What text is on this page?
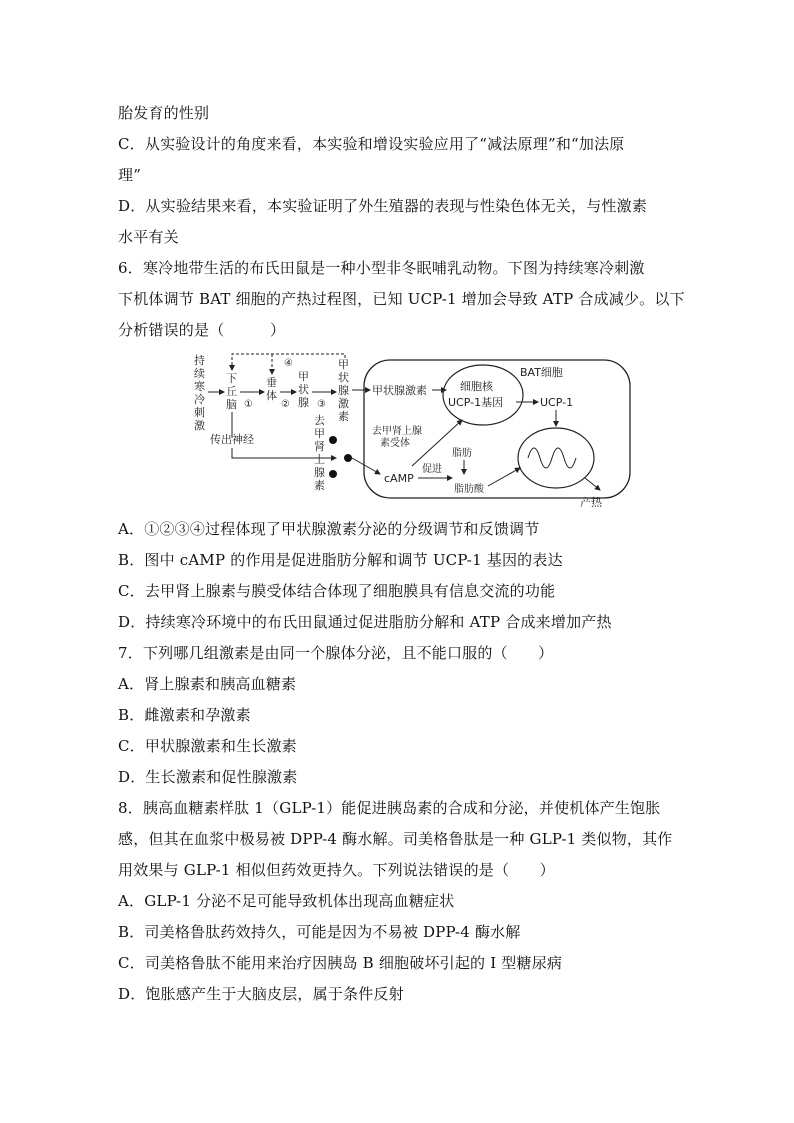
胎发育的性别
C．从实验设计的角度来看，本实验和增设实验应用了“减法原理”和“加法原
理”
D．从实验结果来看，本实验证明了外生殖器的表现与性染色体无关，与性激素
水平有关
6．寒冷地带生活的布氏田鼠是一种小型非冬眠哺乳动物。下图为持续寒冷刺激
下机体调节 BAT 细胞的产热过程图，已知 UCP-1 增加会导致 ATP 合成减少。以下
分析错误的是（　　　）
持
续
寒
冷
刺
激
下
丘
脑 ①
垂
体
②
甲
状
腺 ③
甲
状
腺
激
素
④
传出神经
去
甲
肾
上
腺
素
BAT细胞
甲状腺激素	细胞核
UCP-1基因	UCP-1
产热
去甲肾上腺
素受体
cAMP
促进
脂肪
脂肪酸
A．①②③④过程体现了甲状腺激素分泌的分级调节和反馈调节
B．图中 cAMP 的作用是促进脂肪分解和调节 UCP-1 基因的表达
C．去甲肾上腺素与膜受体结合体现了细胞膜具有信息交流的功能
D．持续寒冷环境中的布氏田鼠通过促进脂肪分解和 ATP 合成来增加产热
7．下列哪几组激素是由同一个腺体分泌，且不能口服的（　　）
A．肾上腺素和胰高血糖素
B．雌激素和孕激素
C．甲状腺激素和生长激素
D．生长激素和促性腺激素
8．胰高血糖素样肽 1（GLP-1）能促进胰岛素的合成和分泌，并使机体产生饱胀
感，但其在血浆中极易被 DPP-4 酶水解。司美格鲁肽是一种 GLP-1 类似物，其作
用效果与 GLP-1 相似但药效更持久。下列说法错误的是（　　）
A．GLP-1 分泌不足可能导致机体出现高血糖症状
B．司美格鲁肽药效持久，可能是因为不易被 DPP-4 酶水解
C．司美格鲁肽不能用来治疗因胰岛 B 细胞破坏引起的 I 型糖尿病
D．饱胀感产生于大脑皮层，属于条件反射
